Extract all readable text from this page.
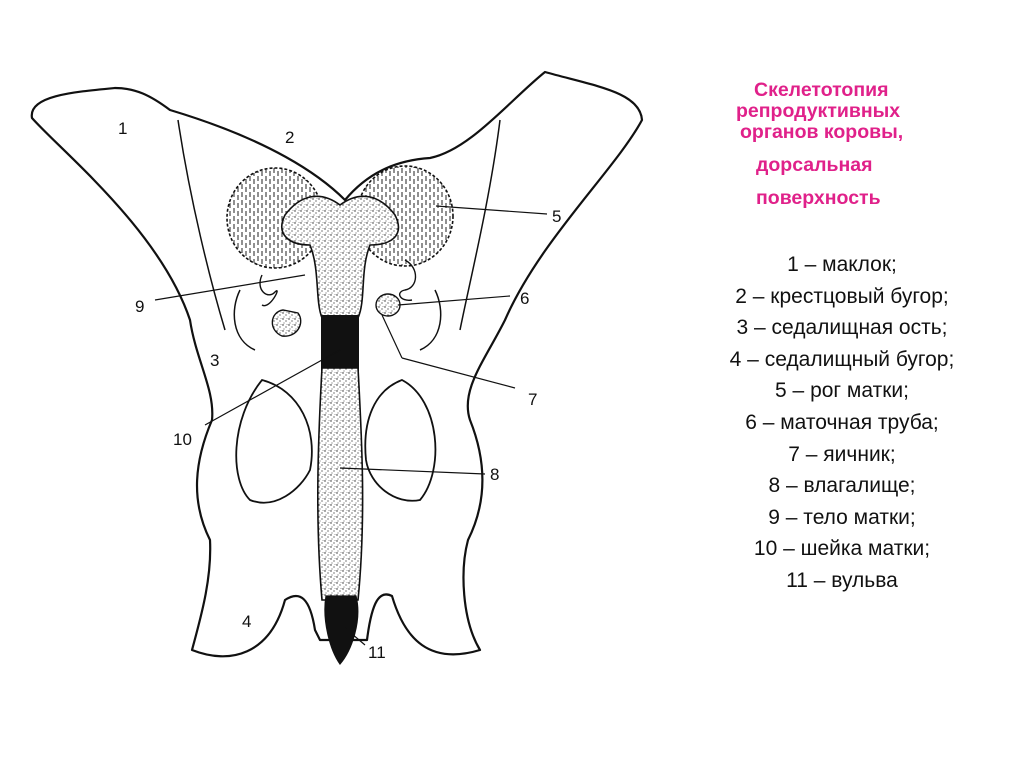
1	2
3
4
5
6
7
8
9
10
11
Скелетотопия
репродуктивных
органов коровы,
дорсальная
поверхность
1 – маклок;
2 – крестцовый бугор;
3 – седалищная ость;
4 – седалищный бугор;
5 – рог матки;
6 – маточная труба;
7 – яичник;
8 – влагалище;
9 – тело матки;
10 – шейка матки;
11 – вульва
